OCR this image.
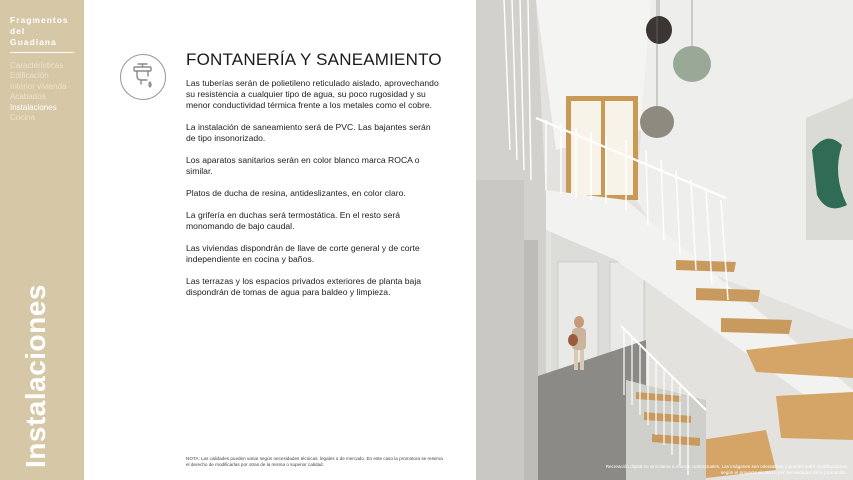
Fragmentos
del
Guadiana
Características
Edificación
Interior vivienda
Acabados
Instalaciones
Cocina
Instalaciones
FONTANERÍA Y SANEAMIENTO

Las tuberías serán de polietileno reticulado aislado, aprovechando su resistencia a cualquier tipo de agua, su poco rugosidad y su menor conductividad térmica frente a los metales como el cobre.

La instalación de saneamiento será de PVC. Las bajantes serán de tipo insonorizado.

Los aparatos sanitarios serán en color blanco marca ROCA o similar.

Platos de ducha de resina, antideslizantes, en color claro.

La grifería en duchas será termostática. En el resto será monomando de bajo caudal.

Las viviendas dispondrán de llave de corte general y de corte independiente en cocina y baños.

Las terrazas y los espacios privados exteriores de planta baja dispondrán de tomas de agua para baldeo y limpieza.

NOTA: Las calidades pueden variar según necesidades técnicas, legales o de mercado. En este caso la promotora se reserva el derecho de modificarlas por otras de la misma o superior calidad.	Recreación digital no vinculante a efectos contractuales. Las imágenes son orientativas y pueden sufrir modificaciones según el proyecto técnico o por necesidades de la promoción.
